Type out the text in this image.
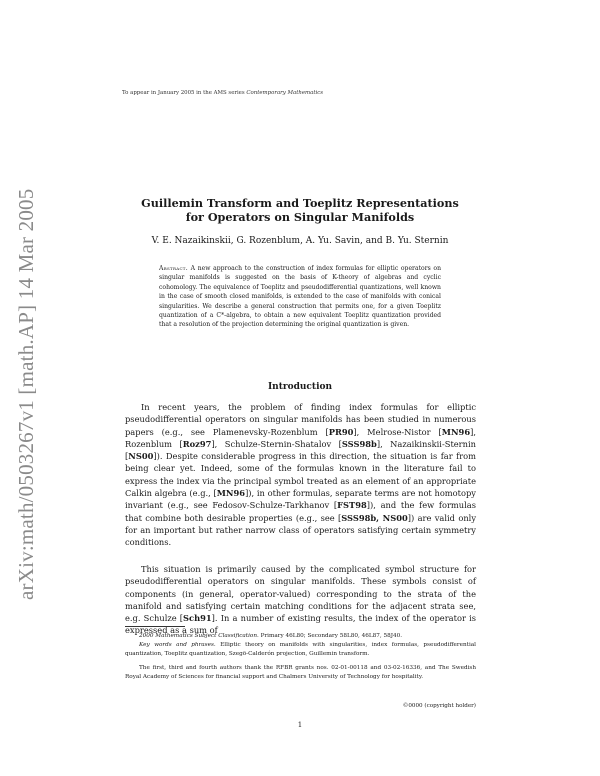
To appear in January 2005 in the AMS series Contemporary Mathematics
arXiv:math/0503267v1 [math.AP] 14 Mar 2005	Guillemin Transform and Toeplitz Representations
for Operators on Singular Manifolds
V. E. Nazaikinskii, G. Rozenblum, A. Yu. Savin, and B. Yu. Sternin
Abstract. A new approach to the construction of index formulas for elliptic operators on singular manifolds is suggested on the basis of K-theory of algebras and cyclic cohomology. The equivalence of Toeplitz and pseudodifferential quantizations, well known in the case of smooth closed manifolds, is extended to the case of manifolds with conical singularities. We describe a general construction that permits one, for a given Toeplitz quantization of a C*-algebra, to obtain a new equivalent Toeplitz quantization provided that a resolution of the projection determining the original quantization is given.
Introduction

In recent years, the problem of finding index formulas for elliptic pseudodifferential operators on singular manifolds has been studied in numerous papers (e.g., see Plamenevsky-Rozenblum [PR90], Melrose-Nistor [MN96], Rozenblum [Roz97], Schulze-Sternin-Shatalov [SSS98b], Nazaikinskii-Sternin [NS00]). Despite considerable progress in this direction, the situation is far from being clear yet. Indeed, some of the formulas known in the literature fail to express the index via the principal symbol treated as an element of an appropriate Calkin algebra (e.g., [MN96]), in other formulas, separate terms are not homotopy invariant (e.g., see Fedosov-Schulze-Tarkhanov [FST98]), and the few formulas that combine both desirable properties (e.g., see [SSS98b, NS00]) are valid only for an important but rather narrow class of operators satisfying certain symmetry conditions.

This situation is primarily caused by the complicated symbol structure for pseudodifferential operators on singular manifolds. These symbols consist of components (in general, operator-valued) corresponding to the strata of the manifold and satisfying certain matching conditions for the adjacent strata see, e.g. Schulze [Sch91]. In a number of existing results, the index of the operator is expressed as a sum of

2000 Mathematics Subject Classification. Primary 46L80; Secondary 58L80, 46L87, 58J40.

Key words and phrases. Elliptic theory on manifolds with singularities, index formulas, pseudodifferential quantization, Toeplitz quantization, Szegö-Calderón projection, Guillemin transform.

The first, third and fourth authors thank the RFBR grants nos. 02-01-00118 and 03-02-16336, and The Swedish Royal Academy of Sciences for financial support and Chalmers University of Technology for hospitality.

©0000 (copyright holder)
1
